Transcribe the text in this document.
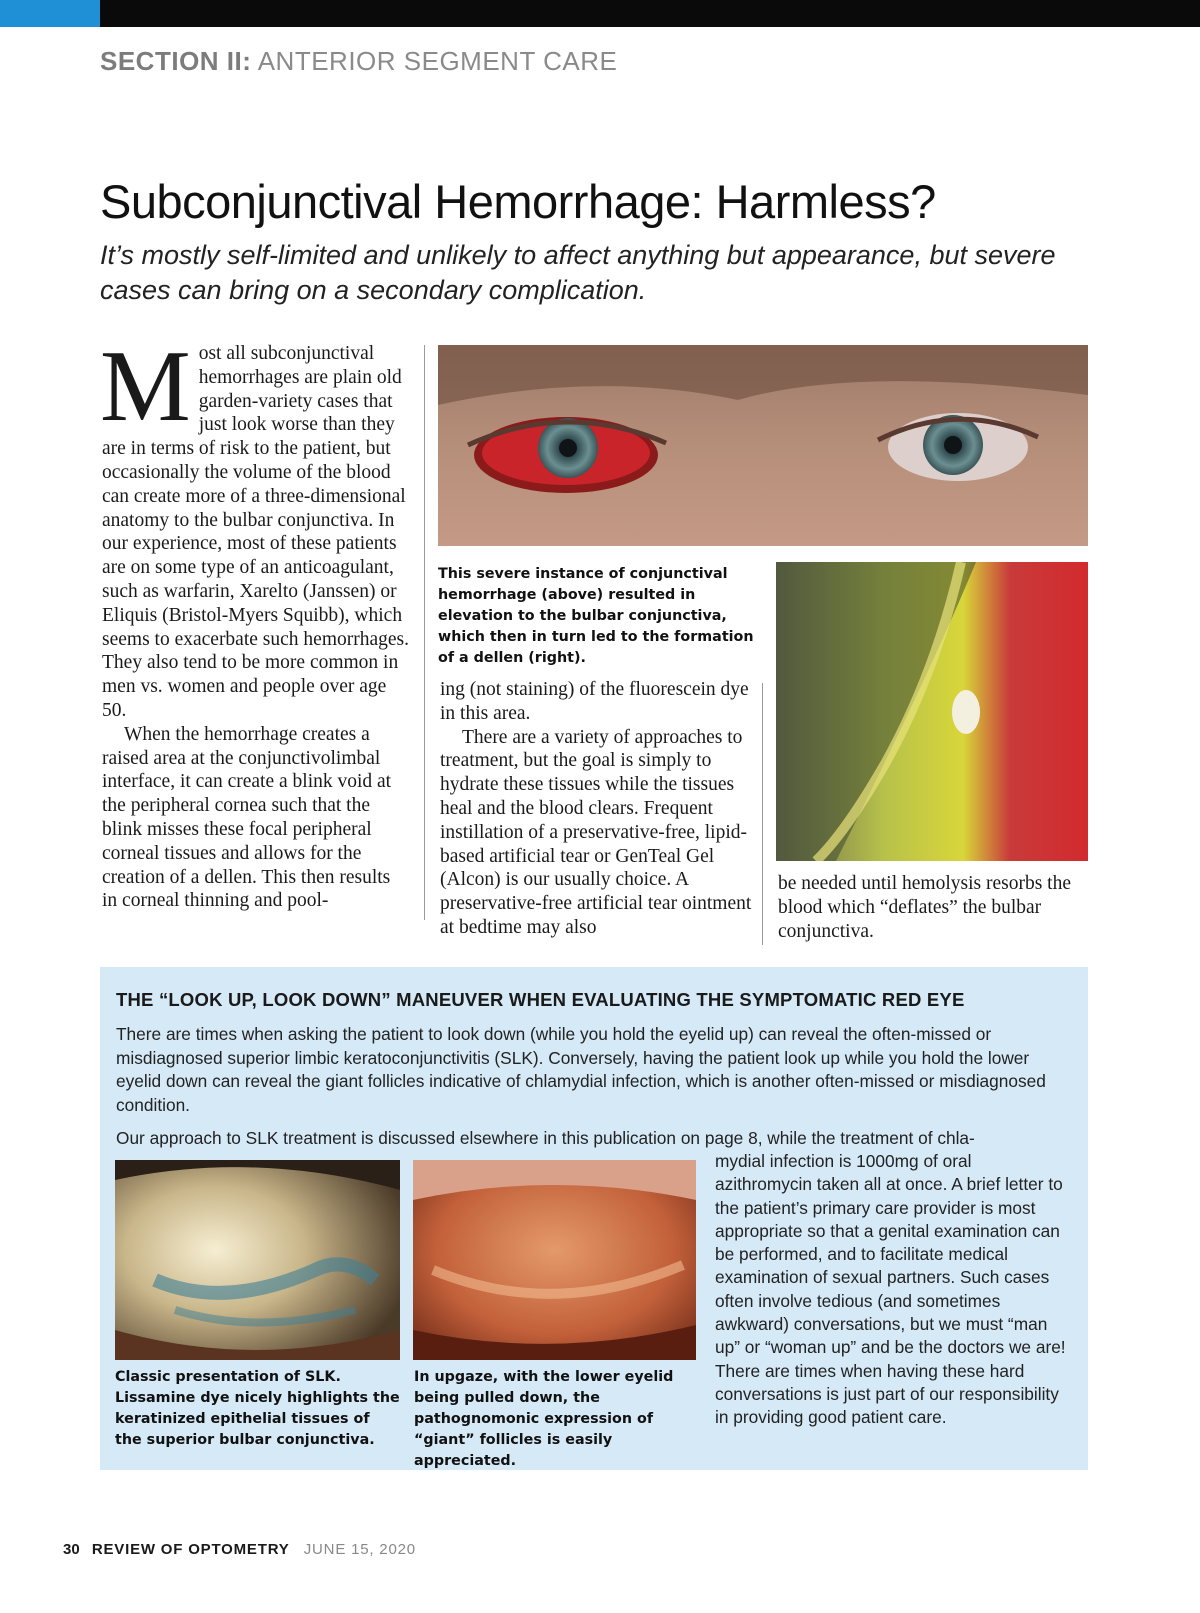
SECTION II: ANTERIOR SEGMENT CARE
Subconjunctival Hemorrhage: Harmless?
It’s mostly self-limited and unlikely to affect anything but appearance, but severe cases can bring on a secondary complication.
M ost all subconjunctival hemorrhages are plain old garden-variety cases that just look worse than they are in terms of risk to the patient, but occasionally the volume of the blood can create more of a three-dimensional anatomy to the bulbar conjunctiva. In our experience, most of these patients are on some type of an anticoagulant, such as warfarin, Xarelto (Janssen) or Eliquis (Bristol-Myers Squibb), which seems to exacerbate such hemorrhages. They also tend to be more common in men vs. women and people over age 50.

When the hemorrhage creates a raised area at the conjunctivolimbal interface, it can create a blink void at the peripheral cornea such that the blink misses these focal peripheral corneal tissues and allows for the creation of a dellen. This then results in corneal thinning and pool-

This severe instance of conjunctival hemorrhage (above) resulted in elevation to the bulbar conjunctiva, which then in turn led to the formation of a dellen (right).

ing (not staining) of the fluorescein dye in this area.

There are a variety of approaches to treatment, but the goal is simply to hydrate these tissues while the tissues heal and the blood clears. Frequent instillation of a preservative-free, lipid-based artificial tear or GenTeal Gel (Alcon) is our usually choice. A preservative-free artificial tear ointment at bedtime may also

be needed until hemolysis resorbs the blood which “deflates” the bulbar conjunctiva.

THE “LOOK UP, LOOK DOWN” MANEUVER WHEN EVALUATING THE SYMPTOMATIC RED EYE
There are times when asking the patient to look down (while you hold the eyelid up) can reveal the often-missed or misdiagnosed superior limbic keratoconjunctivitis (SLK). Conversely, having the patient look up while you hold the lower eyelid down can reveal the giant follicles indicative of chlamydial infection, which is another often-missed or misdiagnosed condition.
Our approach to SLK treatment is discussed elsewhere in this publication on page 8, while the treatment of chla-
mydial infection is 1000mg of oral azithromycin taken all at once. A brief letter to the patient’s primary care provider is most appropriate so that a genital examination can be performed, and to facilitate medical examination of sexual partners. Such cases often involve tedious (and sometimes awkward) conversations, but we must “man up” or “woman up” and be the doctors we are! There are times when having these hard conversations is just part of our responsibility in providing good patient care.
Classic presentation of SLK. Lissamine dye nicely highlights the keratinized epithelial tissues of the superior bulbar conjunctiva.
In upgaze, with the lower eyelid being pulled down, the pathognomonic expression of “giant” follicles is easily appreciated.
30 REVIEW OF OPTOMETRY JUNE 15, 2020
